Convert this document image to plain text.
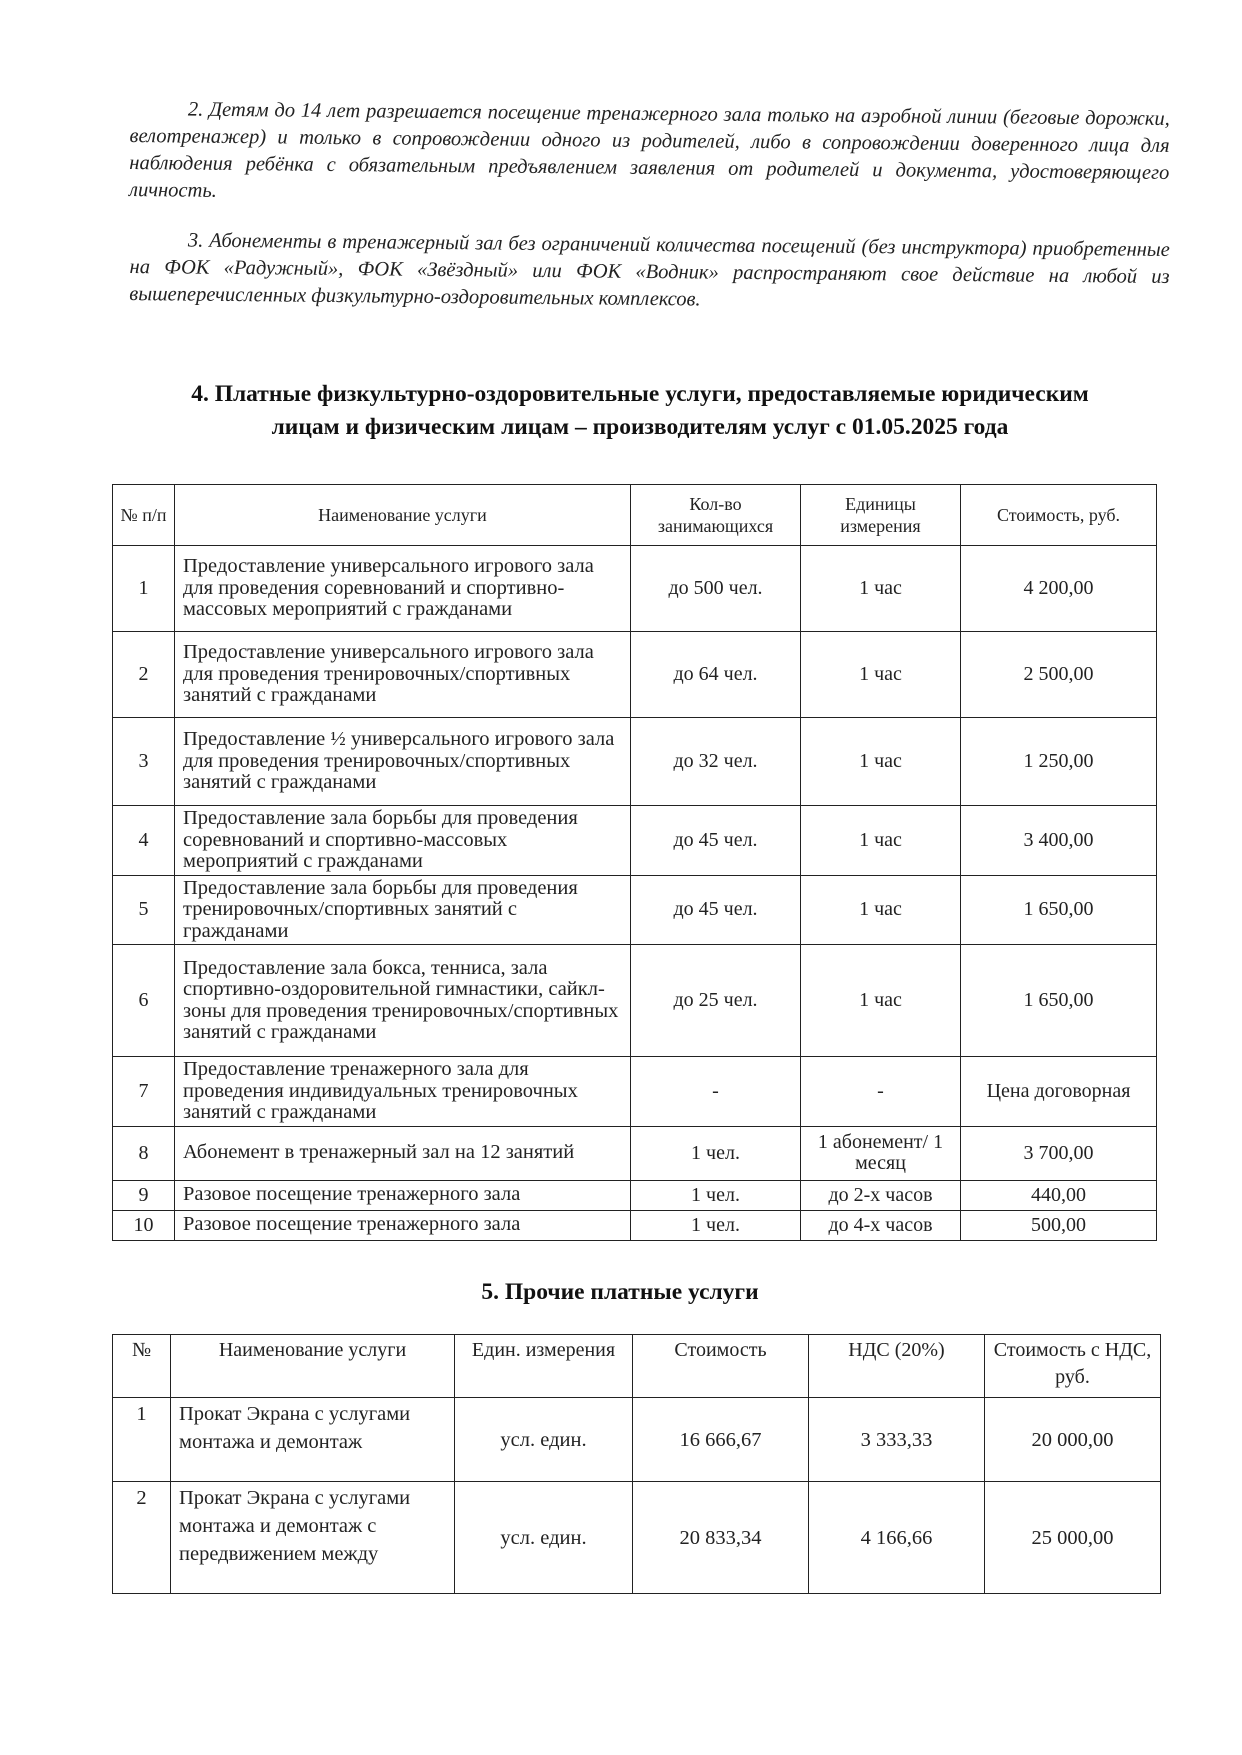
2. Детям до 14 лет разрешается посещение тренажерного зала только на аэробной линии (беговые дорожки, велотренажер) и только в сопровождении одного из родителей, либо в сопровождении доверенного лица для наблюдения ребёнка с обязательным предъявлением заявления от родителей и документа, удостоверяющего личность.
3. Абонементы в тренажерный зал без ограничений количества посещений (без инструктора) приобретенные на ФОК «Радужный», ФОК «Звёздный» или ФОК «Водник» распространяют свое действие на любой из вышеперечисленных физкультурно-оздоровительных комплексов.
4. Платные физкультурно-оздоровительные услуги, предоставляемые юридическим лицам и физическим лицам – производителям услуг с 01.05.2025 года
№ п/п	Наименование услуги	Кол-во занимающихся	Единицы измерения	Стоимость, руб.
1	Предоставление универсального игрового зала для проведения соревнований и спортивно-массовых мероприятий с гражданами	до 500 чел.	1 час	4 200,00
2	Предоставление универсального игрового зала для проведения тренировочных/спортивных занятий с гражданами	до 64 чел.	1 час	2 500,00
3	Предоставление ½ универсального игрового зала для проведения тренировочных/спортивных занятий с гражданами	до 32 чел.	1 час	1 250,00
4	Предоставление зала борьбы для проведения соревнований и спортивно-массовых мероприятий с гражданами	до 45 чел.	1 час	3 400,00
5	Предоставление зала борьбы для проведения тренировочных/спортивных занятий с гражданами	до 45 чел.	1 час	1 650,00
6	Предоставление зала бокса, тенниса, зала спортивно-оздоровительной гимнастики, сайкл- зоны для проведения тренировочных/спортивных занятий с гражданами	до 25 чел.	1 час	1 650,00
7	Предоставление тренажерного зала для проведения индивидуальных тренировочных занятий с гражданами	-	-	Цена договорная
8	Абонемент в тренажерный зал на 12 занятий	1 чел.	1 абонемент/ 1 месяц	3 700,00
9	Разовое посещение тренажерного зала	1 чел.	до 2-х часов	440,00
10	Разовое посещение тренажерного зала	1 чел.	до 4-х часов	500,00
5. Прочие платные услуги
№	Наименование услуги	Един. измерения	Стоимость	НДС (20%)	Стоимость с НДС, руб.
1	Прокат Экрана с услугами монтажа и демонтаж	усл. един.	16 666,67	3 333,33	20 000,00
2	Прокат Экрана с услугами монтажа и демонтаж с передвижением между	усл. един.	20 833,34	4 166,66	25 000,00
